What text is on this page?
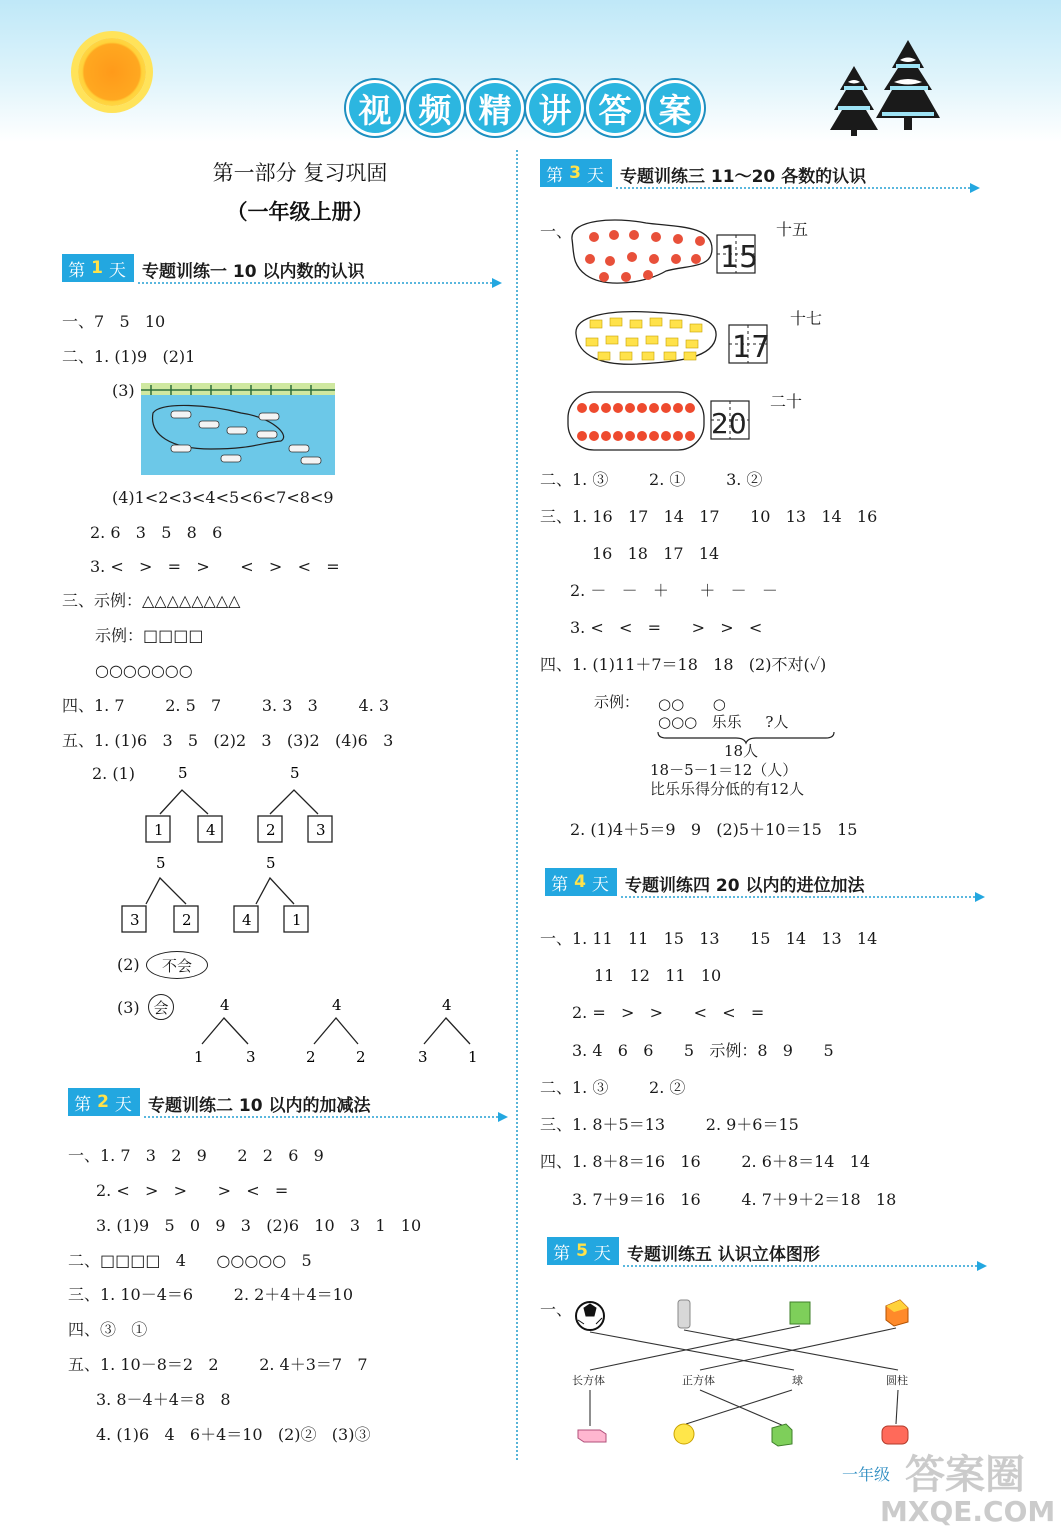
视 频 精 讲 答 案
第一部分 复习巩固
（一年级上册）
第 1 天 专题训练一 10 以内数的认识
一、7   5   10
二、1. (1)9   (2)1
(3)
(4)1<2<3<4<5<6<7<8<9
2. 6   3   5   8   6
3. <   >   =   >      <   >   <   =
三、示例：△△△△△△△△
示例：□□□□
○○○○○○○
四、1. 7        2. 5   7        3. 3   3        4. 3
五、1. (1)6   3   5   (2)2   3   (3)2   (4)6   3
2. (1)	5
1	4
5
2	3
5
3	2
5
4	1
(2)	不会
(3) 会	4
1	3
4
2	2
4
3	1
第 2 天 专题训练二 10 以内的加减法
一、1. 7   3   2   9      2   2   6   9
2. <   >   >      >   <   =
3. (1)9   5   0   9   3   (2)6   10   3   1   10
二、□□□□   4      ○○○○○   5
三、1. 10－4＝6        2. 2＋4＋4＝10
四、③   ①
五、1. 10－8＝2   2        2. 4＋3＝7   7
3. 8－4＋4＝8   8
4. (1)6   4   6＋4＝10   (2)②   (3)③
第 3 天 专题训练三 11～20 各数的认识
一、
15
十五
17
十七
20
二十
二、1. ③        2. ①        3. ②
三、1. 16   17   14   17      10   13   14   16
16   18   17   14
2. －   －   ＋      ＋   －   －
3. <   <   =      >   >   <
四、1. (1)11＋7＝18   18   (2)不对(✓)
示例： ○○      ○
○○○   乐乐     ?人
18人
18－5－1＝12（人）
比乐乐得分低的有12人
2. (1)4＋5＝9   9   (2)5＋10＝15   15
第 4 天 专题训练四 20 以内的进位加法
一、1. 11   11   15   13      15   14   13   14
11   12   11   10
2. =   >   >      <   <   =
3. 4   6   6      5   示例：8   9      5
二、1. ③        2. ②
三、1. 8＋5＝13        2. 9＋6＝15
四、1. 8＋8＝16   16        2. 6＋8＝14   14
3. 7＋9＝16   16        4. 7＋9＋2＝18   18
第 5 天 专题训练五 认识立体图形
一、
长方体	正方体	球	圆柱
一年级 答案圈
MXQE.COM
